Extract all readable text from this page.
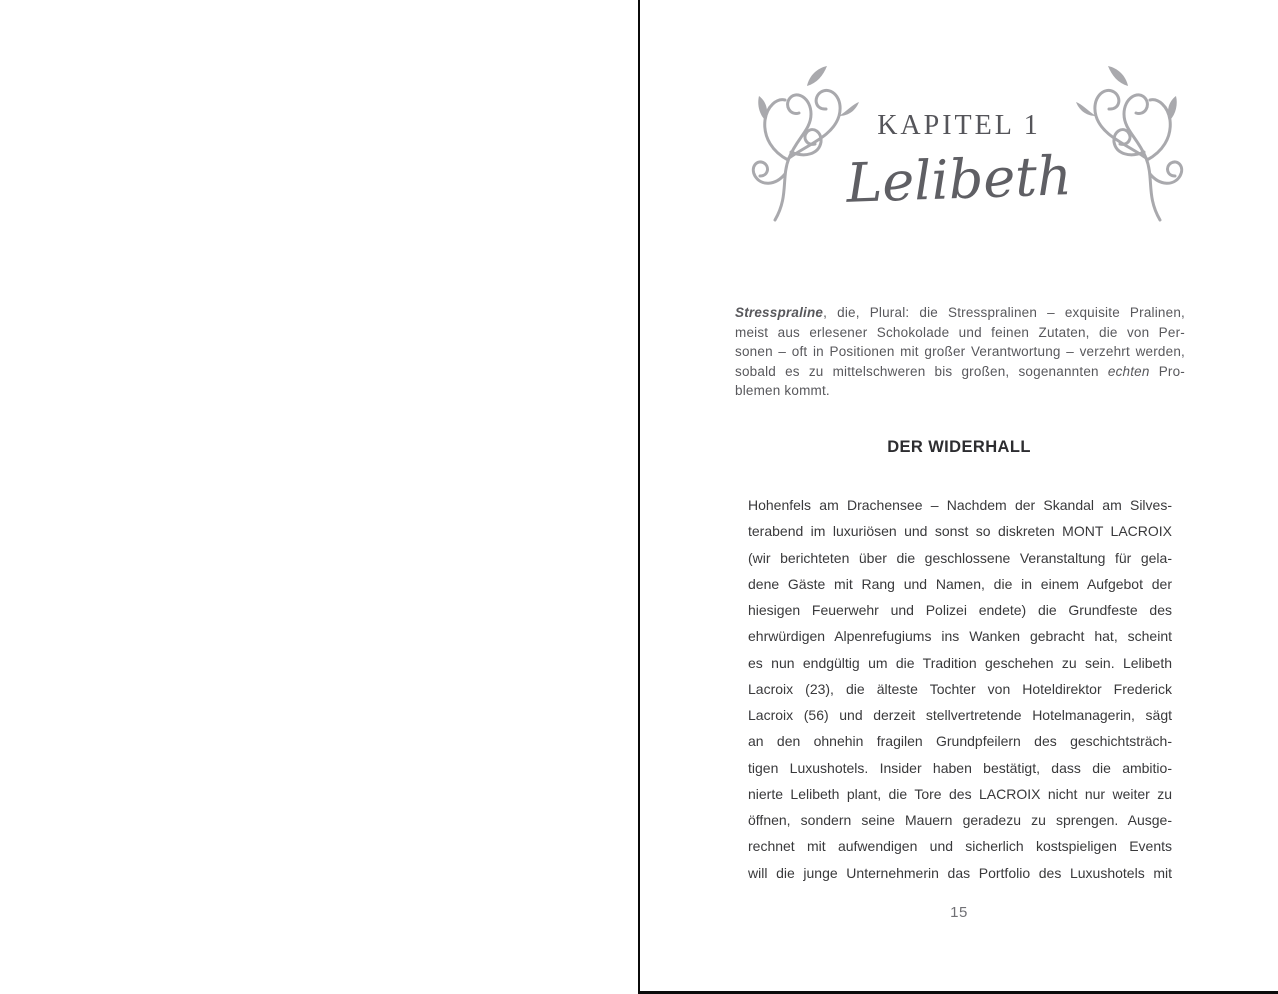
KAPITEL 1
Lelibeth
Stresspraline, die, Plural: die Stresspralinen – exquisite Pralinen,
meist aus erlesener Schokolade und feinen Zutaten, die von Per-
sonen – oft in Positionen mit großer Verantwortung – verzehrt werden,
sobald es zu mittelschweren bis großen, sogenannten echten Pro-
blemen kommt.
DER WIDERHALL
Hohenfels am Drachensee – Nachdem der Skandal am Silves-
terabend im luxuriösen und sonst so diskreten MONT LACROIX
(wir berichteten über die geschlossene Veranstaltung für gela-
dene Gäste mit Rang und Namen, die in einem Aufgebot der
hiesigen Feuerwehr und Polizei endete) die Grundfeste des
ehrwürdigen Alpenrefugiums ins Wanken gebracht hat, scheint
es nun endgültig um die Tradition geschehen zu sein. Lelibeth
Lacroix (23), die älteste Tochter von Hoteldirektor Frederick
Lacroix (56) und derzeit stellvertretende Hotelmanagerin, sägt
an den ohnehin fragilen Grundpfeilern des geschichtsträch-
tigen Luxushotels. Insider haben bestätigt, dass die ambitio-
nierte Lelibeth plant, die Tore des LACROIX nicht nur weiter zu
öffnen, sondern seine Mauern geradezu zu sprengen. Ausge-
rechnet mit aufwendigen und sicherlich kostspieligen Events
will die junge Unternehmerin das Portfolio des Luxushotels mit
15
